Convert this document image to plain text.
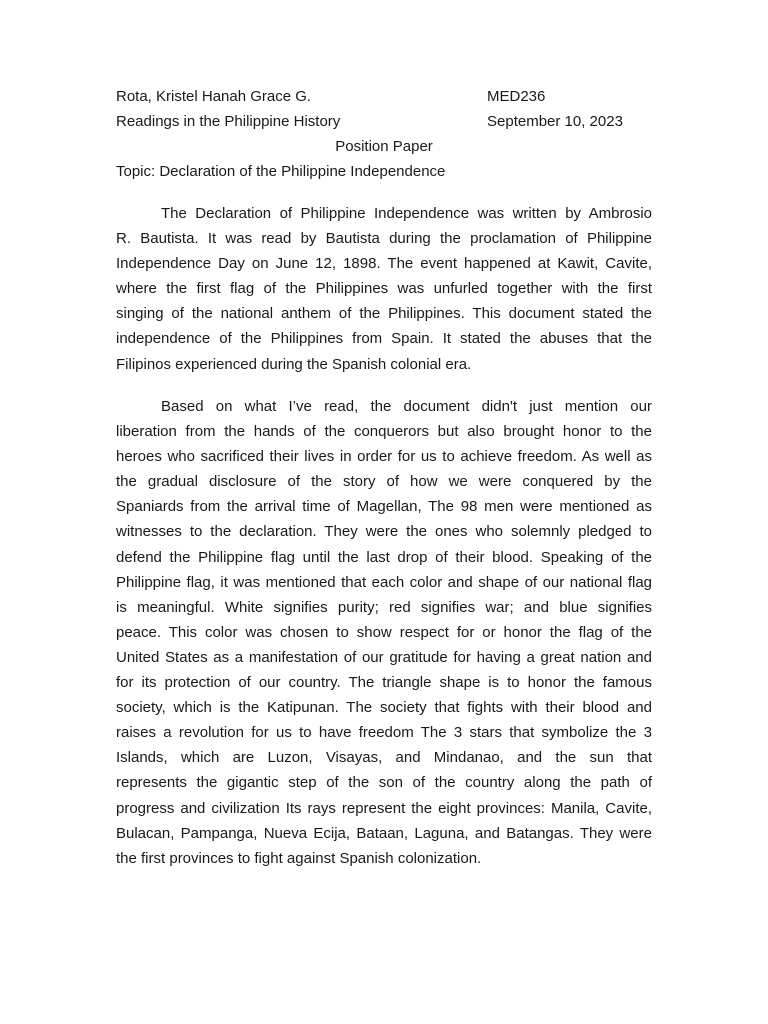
Rota, Kristel Hanah Grace G.	MED236
Readings in the Philippine History	September 10, 2023
Position Paper
Topic: Declaration of the Philippine Independence
The Declaration of Philippine Independence was written by Ambrosio
R. Bautista. It was read by Bautista during the proclamation of Philippine
Independence Day on June 12, 1898. The event happened at Kawit, Cavite,
where the first flag of the Philippines was unfurled together with the first
singing of the national anthem of the Philippines. This document stated the
independence of the Philippines from Spain. It stated the abuses that the
Filipinos experienced during the Spanish colonial era.
Based on what I’ve read, the document didn't just mention our
liberation from the hands of the conquerors but also brought honor to the
heroes who sacrificed their lives in order for us to achieve freedom. As well as
the gradual disclosure of the story of how we were conquered by the
Spaniards from the arrival time of Magellan, The 98 men were mentioned as
witnesses to the declaration. They were the ones who solemnly pledged to
defend the Philippine flag until the last drop of their blood. Speaking of the
Philippine flag, it was mentioned that each color and shape of our national flag
is meaningful. White signifies purity; red signifies war; and blue signifies
peace. This color was chosen to show respect for or honor the flag of the
United States as a manifestation of our gratitude for having a great nation and
for its protection of our country. The triangle shape is to honor the famous
society, which is the Katipunan. The society that fights with their blood and
raises a revolution for us to have freedom The 3 stars that symbolize the 3
Islands, which are Luzon, Visayas, and Mindanao, and the sun that
represents the gigantic step of the son of the country along the path of
progress and civilization Its rays represent the eight provinces: Manila, Cavite,
Bulacan, Pampanga, Nueva Ecija, Bataan, Laguna, and Batangas. They were
the first provinces to fight against Spanish colonization.
